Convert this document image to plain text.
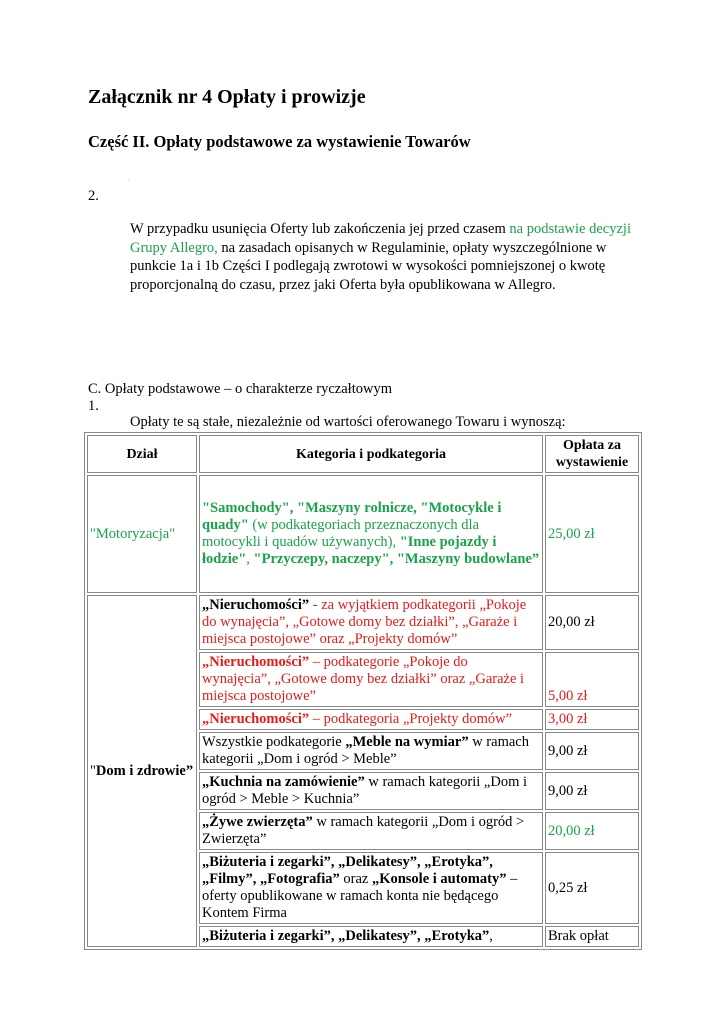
Załącznik nr 4 Opłaty i prowizje
Część II. Opłaty podstawowe za wystawienie Towarów
2.
·
W przypadku usunięcia Oferty lub zakończenia jej przed czasem na podstawie decyzji Grupy Allegro, na zasadach opisanych w Regulaminie, opłaty wyszczególnione w punkcie 1a i 1b Części I podlegają zwrotowi w wysokości pomniejszonej o kwotę proporcjonalną do czasu, przez jaki Oferta była opublikowana w Allegro.
C. Opłaty podstawowe – o charakterze ryczałtowym
1.
Opłaty te są stałe, niezależnie od wartości oferowanego Towaru i wynoszą:
Dział	Kategoria i podkategoria	Opłata za wystawienie
"Motoryzacja"	"Samochody", "Maszyny rolnicze, "Motocykle i quady" (w podkategoriach przeznaczonych dla motocykli i quadów używanych), "Inne pojazdy i łodzie", "Przyczepy, naczepy", "Maszyny budowlane”	25,00 zł
"Dom i zdrowie”	„Nieruchomości” - za wyjątkiem podkategorii „Pokoje do wynajęcia”, „Gotowe domy bez działki”, „Garaże i miejsca postojowe” oraz „Projekty domów”	20,00 zł
	„Nieruchomości” – podkategorie „Pokoje do wynajęcia”, „Gotowe domy bez działki” oraz „Garaże i miejsca postojowe”	5,00 zł
	„Nieruchomości” – podkategoria „Projekty domów”	3,00 zł
	Wszystkie podkategorie „Meble na wymiar” w ramach kategorii „Dom i ogród > Meble”	9,00 zł
	„Kuchnia na zamówienie” w ramach kategorii „Dom i ogród > Meble > Kuchnia”	9,00 zł
	„Żywe zwierzęta” w ramach kategorii „Dom i ogród > Zwierzęta”	20,00 zł
	„Biżuteria i zegarki”, „Delikatesy”, „Erotyka”, „Filmy”, „Fotografia” oraz „Konsole i automaty” – oferty opublikowane w ramach konta nie będącego Kontem Firma	0,25 zł
	„Biżuteria i zegarki”, „Delikatesy”, „Erotyka”,	Brak opłat
